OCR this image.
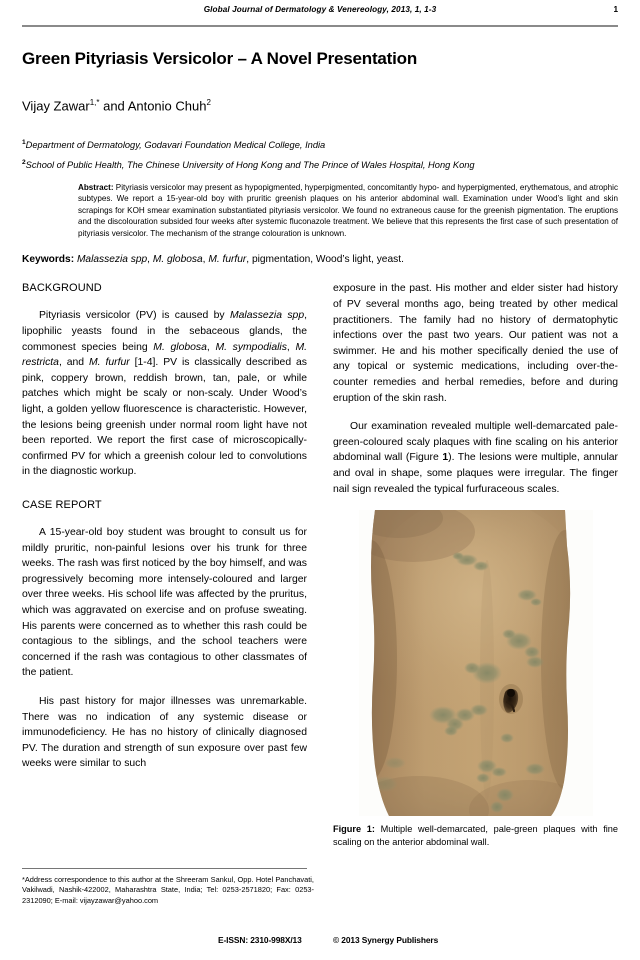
Global Journal of Dermatology & Venereology, 2013, 1, 1-3	1
Green Pityriasis Versicolor – A Novel Presentation
Vijay Zawar$^{1,*}$ and Antonio Chuh$^2$
$^1$Department of Dermatology, Godavari Foundation Medical College, India
$^2$School of Public Health, The Chinese University of Hong Kong and The Prince of Wales Hospital, Hong Kong
Abstract: Pityriasis versicolor may present as hypopigmented, hyperpigmented, concomitantly hypo- and hyperpigmented, erythematous, and atrophic subtypes. We report a 15-year-old boy with pruritic greenish plaques on his anterior abdominal wall. Examination under Wood’s light and skin scrapings for KOH smear examination substantiated pityriasis versicolor. We found no extraneous cause for the greenish pigmentation. The eruptions and the discolouration subsided four weeks after systemic fluconazole treatment. We believe that this represents the first case of such presentation of pityriasis versicolor. The mechanism of the strange colouration is unknown.
Keywords: Malassezia spp, M. globosa, M. furfur, pigmentation, Wood’s light, yeast.
BACKGROUND

Pityriasis versicolor (PV) is caused by Malassezia spp, lipophilic yeasts found in the sebaceous glands, the commonest species being M. globosa, M. sympodialis, M. restricta, and M. furfur [1-4]. PV is classically described as pink, coppery brown, reddish brown, tan, pale, or while patches which might be scaly or non-scaly. Under Wood’s light, a golden yellow fluorescence is characteristic. However, the lesions being greenish under normal room light have not been reported. We report the first case of microscopically-confirmed PV for which a greenish colour led to convolutions in the diagnostic workup.

CASE REPORT

A 15-year-old boy student was brought to consult us for mildly pruritic, non-painful lesions over his trunk for three weeks. The rash was first noticed by the boy himself, and was progressively becoming more intensely-coloured and larger over three weeks. His school life was affected by the pruritus, which was aggravated on exercise and on profuse sweating. His parents were concerned as to whether this rash could be contagious to the siblings, and the school teachers were concerned if the rash was contagious to other classmates of the patient.

His past history for major illnesses was unremarkable. There was no indication of any systemic disease or immunodeficiency. He has no history of clinically diagnosed PV. The duration and strength of sun exposure over past few weeks were similar to such

exposure in the past. His mother and elder sister had history of PV several months ago, being treated by other medical practitioners. The family had no history of dermatophytic infections over the past two years. Our patient was not a swimmer. He and his mother specifically denied the use of any topical or systemic medications, including over-the-counter remedies and herbal remedies, before and during eruption of the skin rash.

Our examination revealed multiple well-demarcated pale-green-coloured scaly plaques with fine scaling on his anterior abdominal wall (Figure 1). The lesions were multiple, annular and oval in shape, some plaques were irregular. The finger nail sign revealed the typical furfuraceous scales.

Figure 1: Multiple well-demarcated, pale-green plaques with fine scaling on the anterior abdominal wall.
*Address correspondence to this author at the Shreeram Sankul, Opp. Hotel Panchavati, Vakilwadi, Nashik-422002, Maharashtra State, India; Tel: 0253-2571820; Fax: 0253-2312090; E-mail: vijayzawar@yahoo.com
E-ISSN: 2310-998X/13	© 2013 Synergy Publishers
